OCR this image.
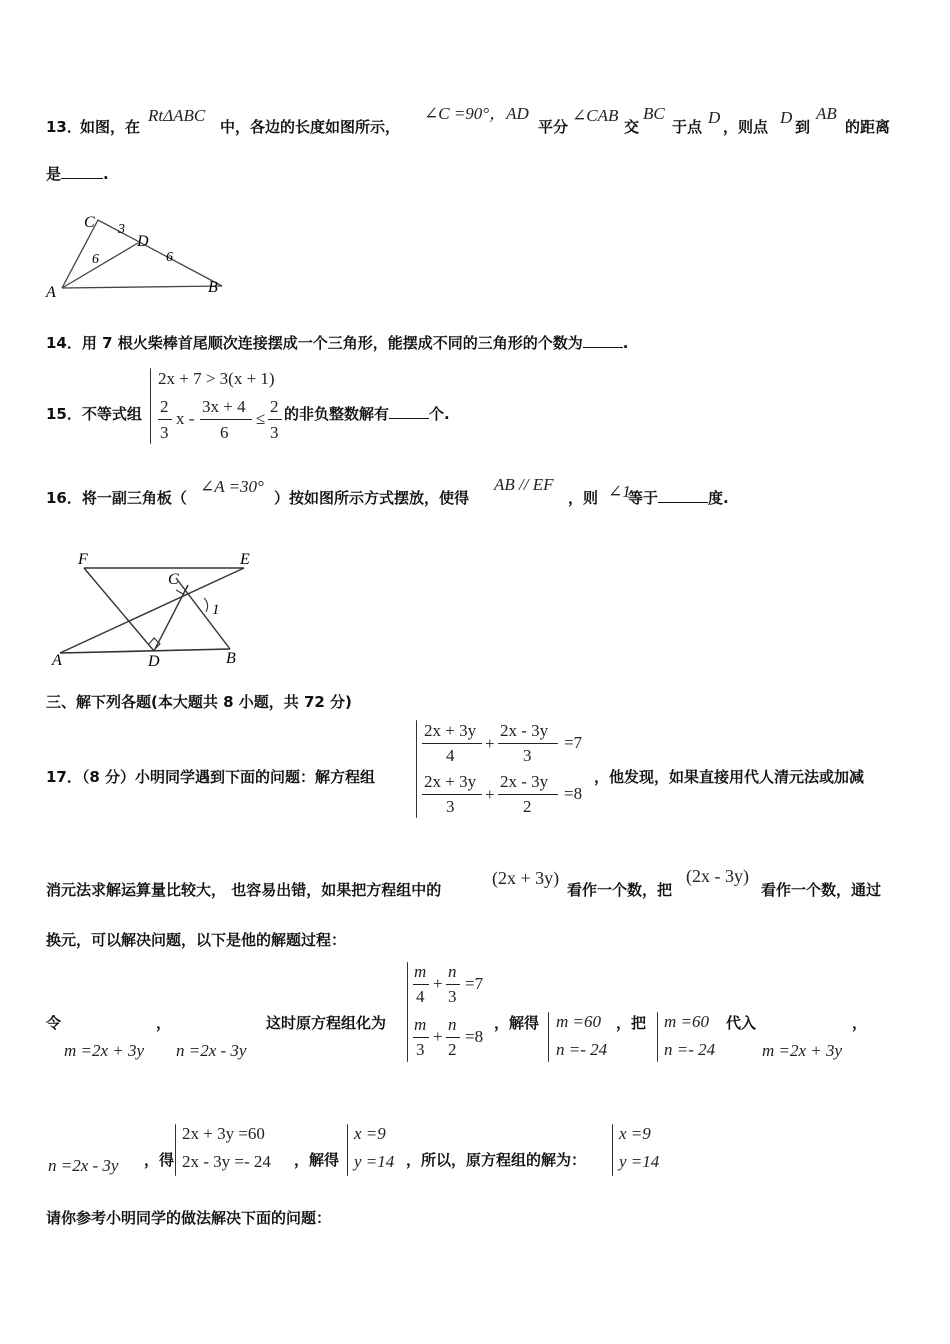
13．
如图，在
RtΔABC
中，各边的长度如图所示，
∠C =90°，AD
平分
∠CAB
交
BC
于点 D ，则点 D 到
AB
的距离
是	.
C
D
A	B
3
6	6
14．用 7 根火柴棒首尾顺次连接摆成一个三角形，能摆成不同的三角形的个数为	.
15．不等式组
2x + 7 > 3(x + 1)
2
3
x -
3x + 4
6
≤
2
3
的非负整数解有	个.
16．将一副三角板（
∠A =30°
）按如图所示方式摆放，使得
AB // EF
，则 ∠1
等于	度.
F	E
C
A	D	B
1
三、解下列各题(本大题共 8 小题，共 72 分)
17．（8 分）小明同学遇到下面的问题：解方程组
2x + 3y
4
+
2x - 3y
3
=7
2x + 3y
3
+
2x - 3y
2
=8
，他发现，如果直接用代人清元法或加减
消元法求解运算量比较大， 也容易出错，如果把方程组中的
(2x + 3y)
看作一个数，把
(2x - 3y)
看作一个数，通过
换元，可以解决问题，以下是他的解题过程：
令	，
m =2x + 3y n =2x - 3y
这时原方程组化为
m
4
+
n
3
=7
m
3
+
n
2
=8
，解得 m =60
n =- 24
，把 m =60
n =- 24
代入	，
m =2x + 3y
n =2x - 3y ，得
2x + 3y =60
2x - 3y =- 24 ，解得
x =9
y =14 ，所以，原方程组的解为：
x =9
y =14
请你参考小明同学的做法解决下面的问题：
